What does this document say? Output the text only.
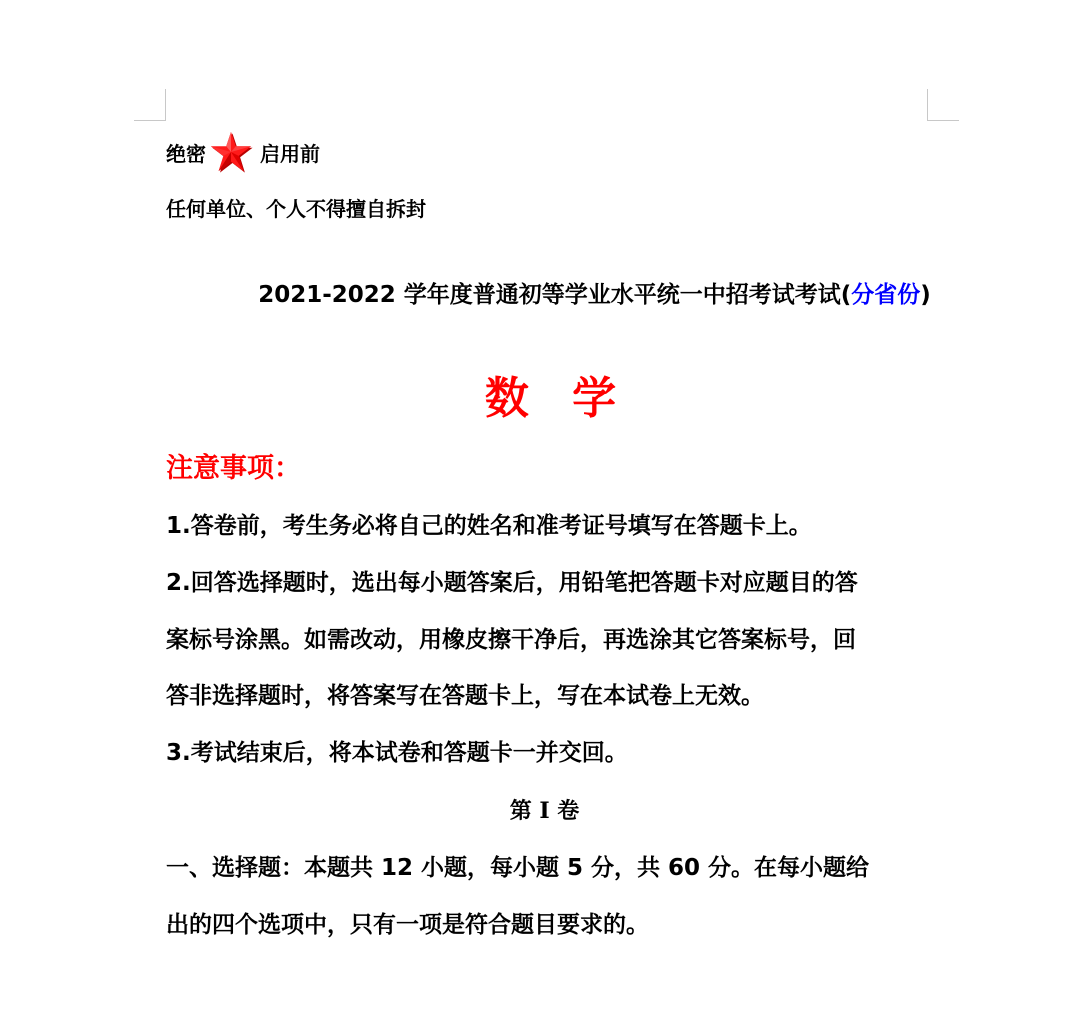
绝密	启用前
任何单位、个人不得擅自拆封
2021-2022 学年度普通初等学业水平统一中招考试考试(分省份)
数 学
注意事项：
1.答卷前，考生务必将自己的姓名和准考证号填写在答题卡上。
2.回答选择题时，选出每小题答案后，用铅笔把答题卡对应题目的答
案标号涂黑。如需改动，用橡皮擦干净后，再选涂其它答案标号，回
答非选择题时，将答案写在答题卡上，写在本试卷上无效。
3.考试结束后，将本试卷和答题卡一并交回。
第 I 卷
一、选择题：本题共 12 小题，每小题 5 分，共 60 分。在每小题给
出的四个选项中，只有一项是符合题目要求的。
